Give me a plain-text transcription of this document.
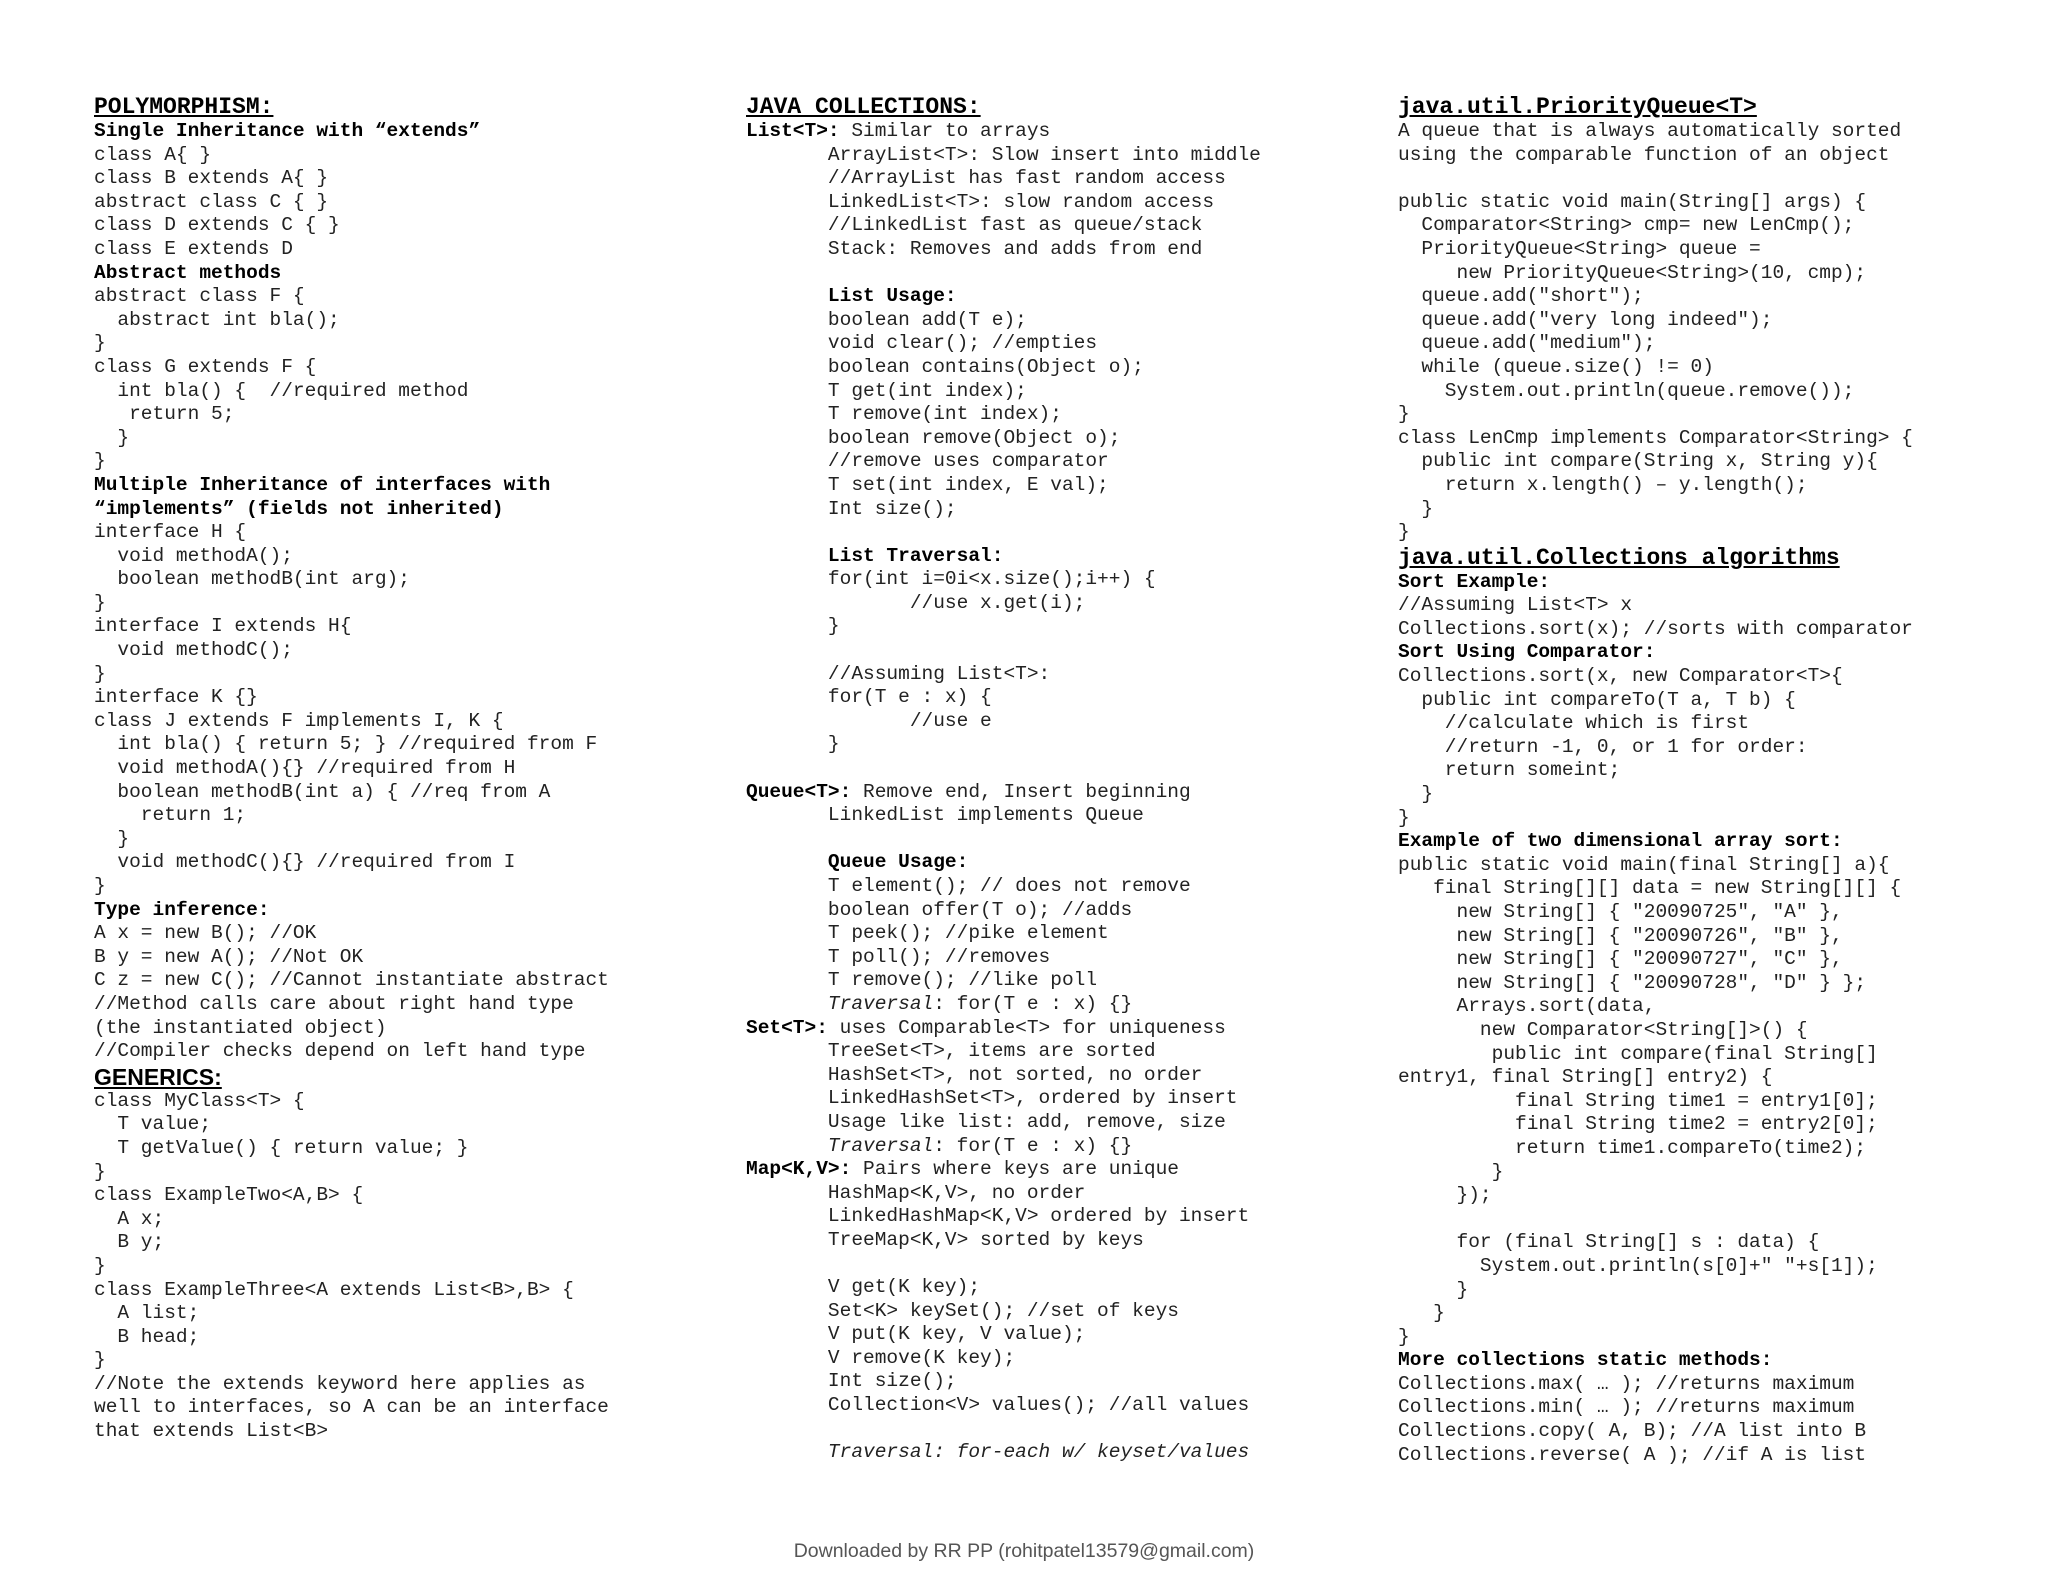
POLYMORPHISM:
Single Inheritance with “extends”
class A{ }
class B extends A{ }
abstract class C { }
class D extends C { }
class E extends D
Abstract methods
abstract class F {
abstract int bla();
}
class G extends F {
int bla() {  //required method
return 5;
}
}
Multiple Inheritance of interfaces with
“implements” (fields not inherited)
interface H {
void methodA();
boolean methodB(int arg);
}
interface I extends H{
void methodC();
}
interface K {}
class J extends F implements I, K {
int bla() { return 5; } //required from F
void methodA(){} //required from H
boolean methodB(int a) { //req from A
return 1;
}
void methodC(){} //required from I
}
Type inference:
A x = new B(); //OK
B y = new A(); //Not OK
C z = new C(); //Cannot instantiate abstract
//Method calls care about right hand type
(the instantiated object)
//Compiler checks depend on left hand type
GENERICS:
class MyClass<T> {
T value;
T getValue() { return value; }
}
class ExampleTwo<A,B> {
A x;
B y;
}
class ExampleThree<A extends List<B>,B> {
A list;
B head;
}
//Note the extends keyword here applies as
well to interfaces, so A can be an interface
that extends List<B>
JAVA COLLECTIONS:
List<T>: Similar to arrays
ArrayList<T>: Slow insert into middle
//ArrayList has fast random access
LinkedList<T>: slow random access
//LinkedList fast as queue/stack
Stack: Removes and adds from end
List Usage:
boolean add(T e);
void clear(); //empties
boolean contains(Object o);
T get(int index);
T remove(int index);
boolean remove(Object o);
//remove uses comparator
T set(int index, E val);
Int size();
List Traversal:
for(int i=0i<x.size();i++) {
//use x.get(i);
}
//Assuming List<T>:
for(T e : x) {
//use e
}
Queue<T>: Remove end, Insert beginning
LinkedList implements Queue
Queue Usage:
T element(); // does not remove
boolean offer(T o); //adds
T peek(); //pike element
T poll(); //removes
T remove(); //like poll
Traversal: for(T e : x) {}
Set<T>: uses Comparable<T> for uniqueness
TreeSet<T>, items are sorted
HashSet<T>, not sorted, no order
LinkedHashSet<T>, ordered by insert
Usage like list: add, remove, size
Traversal: for(T e : x) {}
Map<K,V>: Pairs where keys are unique
HashMap<K,V>, no order
LinkedHashMap<K,V> ordered by insert
TreeMap<K,V> sorted by keys
V get(K key);
Set<K> keySet(); //set of keys
V put(K key, V value);
V remove(K key);
Int size();
Collection<V> values(); //all values
Traversal: for-each w/ keyset/values
java.util.PriorityQueue<T>
A queue that is always automatically sorted
using the comparable function of an object
public static void main(String[] args) {
Comparator<String> cmp= new LenCmp();
PriorityQueue<String> queue =
new PriorityQueue<String>(10, cmp);
queue.add("short");
queue.add("very long indeed");
queue.add("medium");
while (queue.size() != 0)
System.out.println(queue.remove());
}
class LenCmp implements Comparator<String> {
public int compare(String x, String y){
return x.length() – y.length();
}
}
java.util.Collections algorithms
Sort Example:
//Assuming List<T> x
Collections.sort(x); //sorts with comparator
Sort Using Comparator:
Collections.sort(x, new Comparator<T>{
public int compareTo(T a, T b) {
//calculate which is first
//return -1, 0, or 1 for order:
return someint;
}
}
Example of two dimensional array sort:
public static void main(final String[] a){
final String[][] data = new String[][] {
new String[] { "20090725", "A" },
new String[] { "20090726", "B" },
new String[] { "20090727", "C" },
new String[] { "20090728", "D" } };
Arrays.sort(data,
new Comparator<String[]>() {
public int compare(final String[]
entry1, final String[] entry2) {
final String time1 = entry1[0];
final String time2 = entry2[0];
return time1.compareTo(time2);
}
});
for (final String[] s : data) {
System.out.println(s[0]+" "+s[1]);
}
}
}
More collections static methods:
Collections.max( … ); //returns maximum
Collections.min( … ); //returns maximum
Collections.copy( A, B); //A list into B
Collections.reverse( A ); //if A is list
Downloaded by RR PP (rohitpatel13579@gmail.com)
